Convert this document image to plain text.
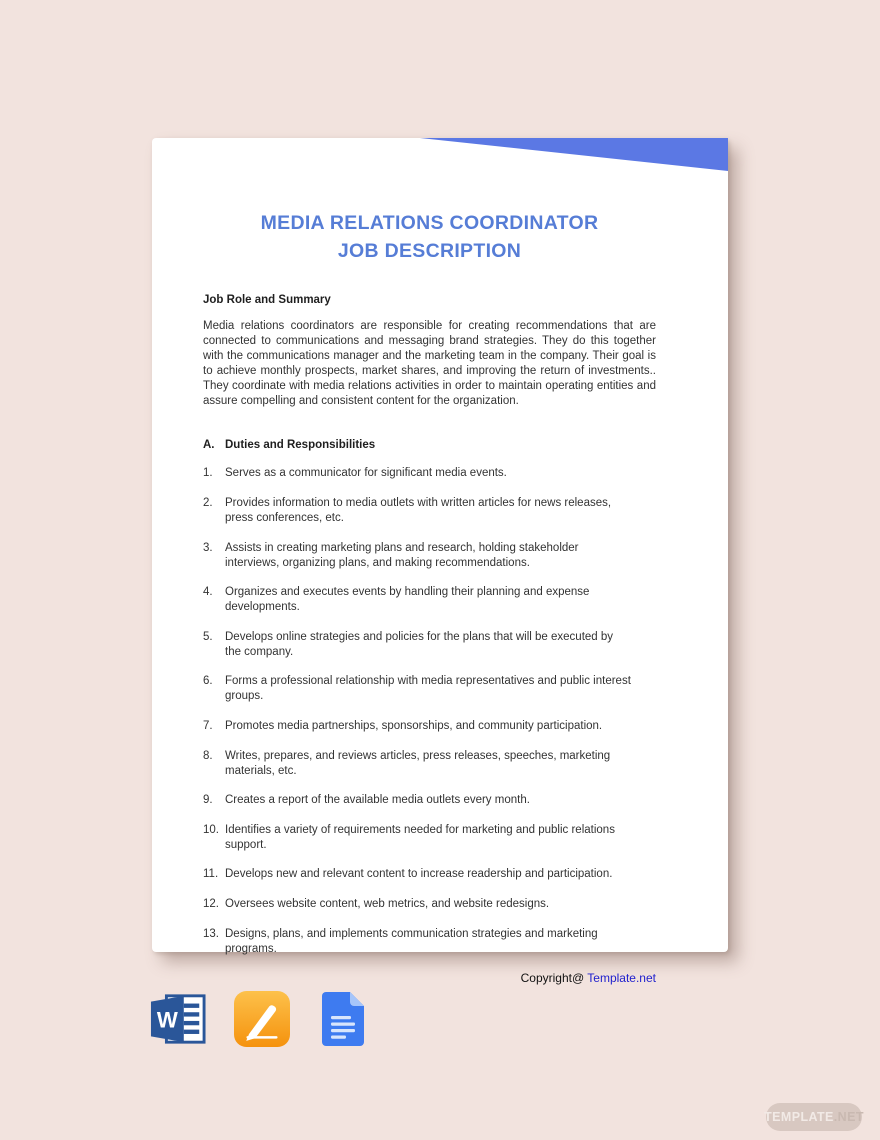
MEDIA RELATIONS COORDINATOR
JOB DESCRIPTION
Job Role and Summary
Media relations coordinators are responsible for creating recommendations that are connected to communications and messaging brand strategies. They do this together with the communications manager and the marketing team in the company. Their goal is to achieve monthly prospects, market shares, and improving the return of investments.. They coordinate with media relations activities in order to maintain operating entities and assure compelling and consistent content for the organization.
A. Duties and Responsibilities
1.	Serves as a communicator for significant media events.
2.	Provides information to media outlets with written articles for news releases, press conferences, etc.
3.	Assists in creating marketing plans and research, holding stakeholder interviews, organizing plans, and making recommendations.
4.	Organizes and executes events by handling their planning and expense developments.
5.	Develops online strategies and policies for the plans that will be executed by the company.
6.	Forms a professional relationship with media representatives and public interest groups.
7.	Promotes media partnerships, sponsorships, and community participation.
8.	Writes, prepares, and reviews articles, press releases, speeches, marketing materials, etc.
9.	Creates a report of the available media outlets every month.
10. Identifies a variety of requirements needed for marketing and public relations support.
11. Develops new and relevant content to increase readership and participation.
12. Oversees website content, web metrics, and website redesigns.
13. Designs, plans, and implements communication strategies and marketing programs.
Copyright@ Template.net
W
TEMPLATE .NET
